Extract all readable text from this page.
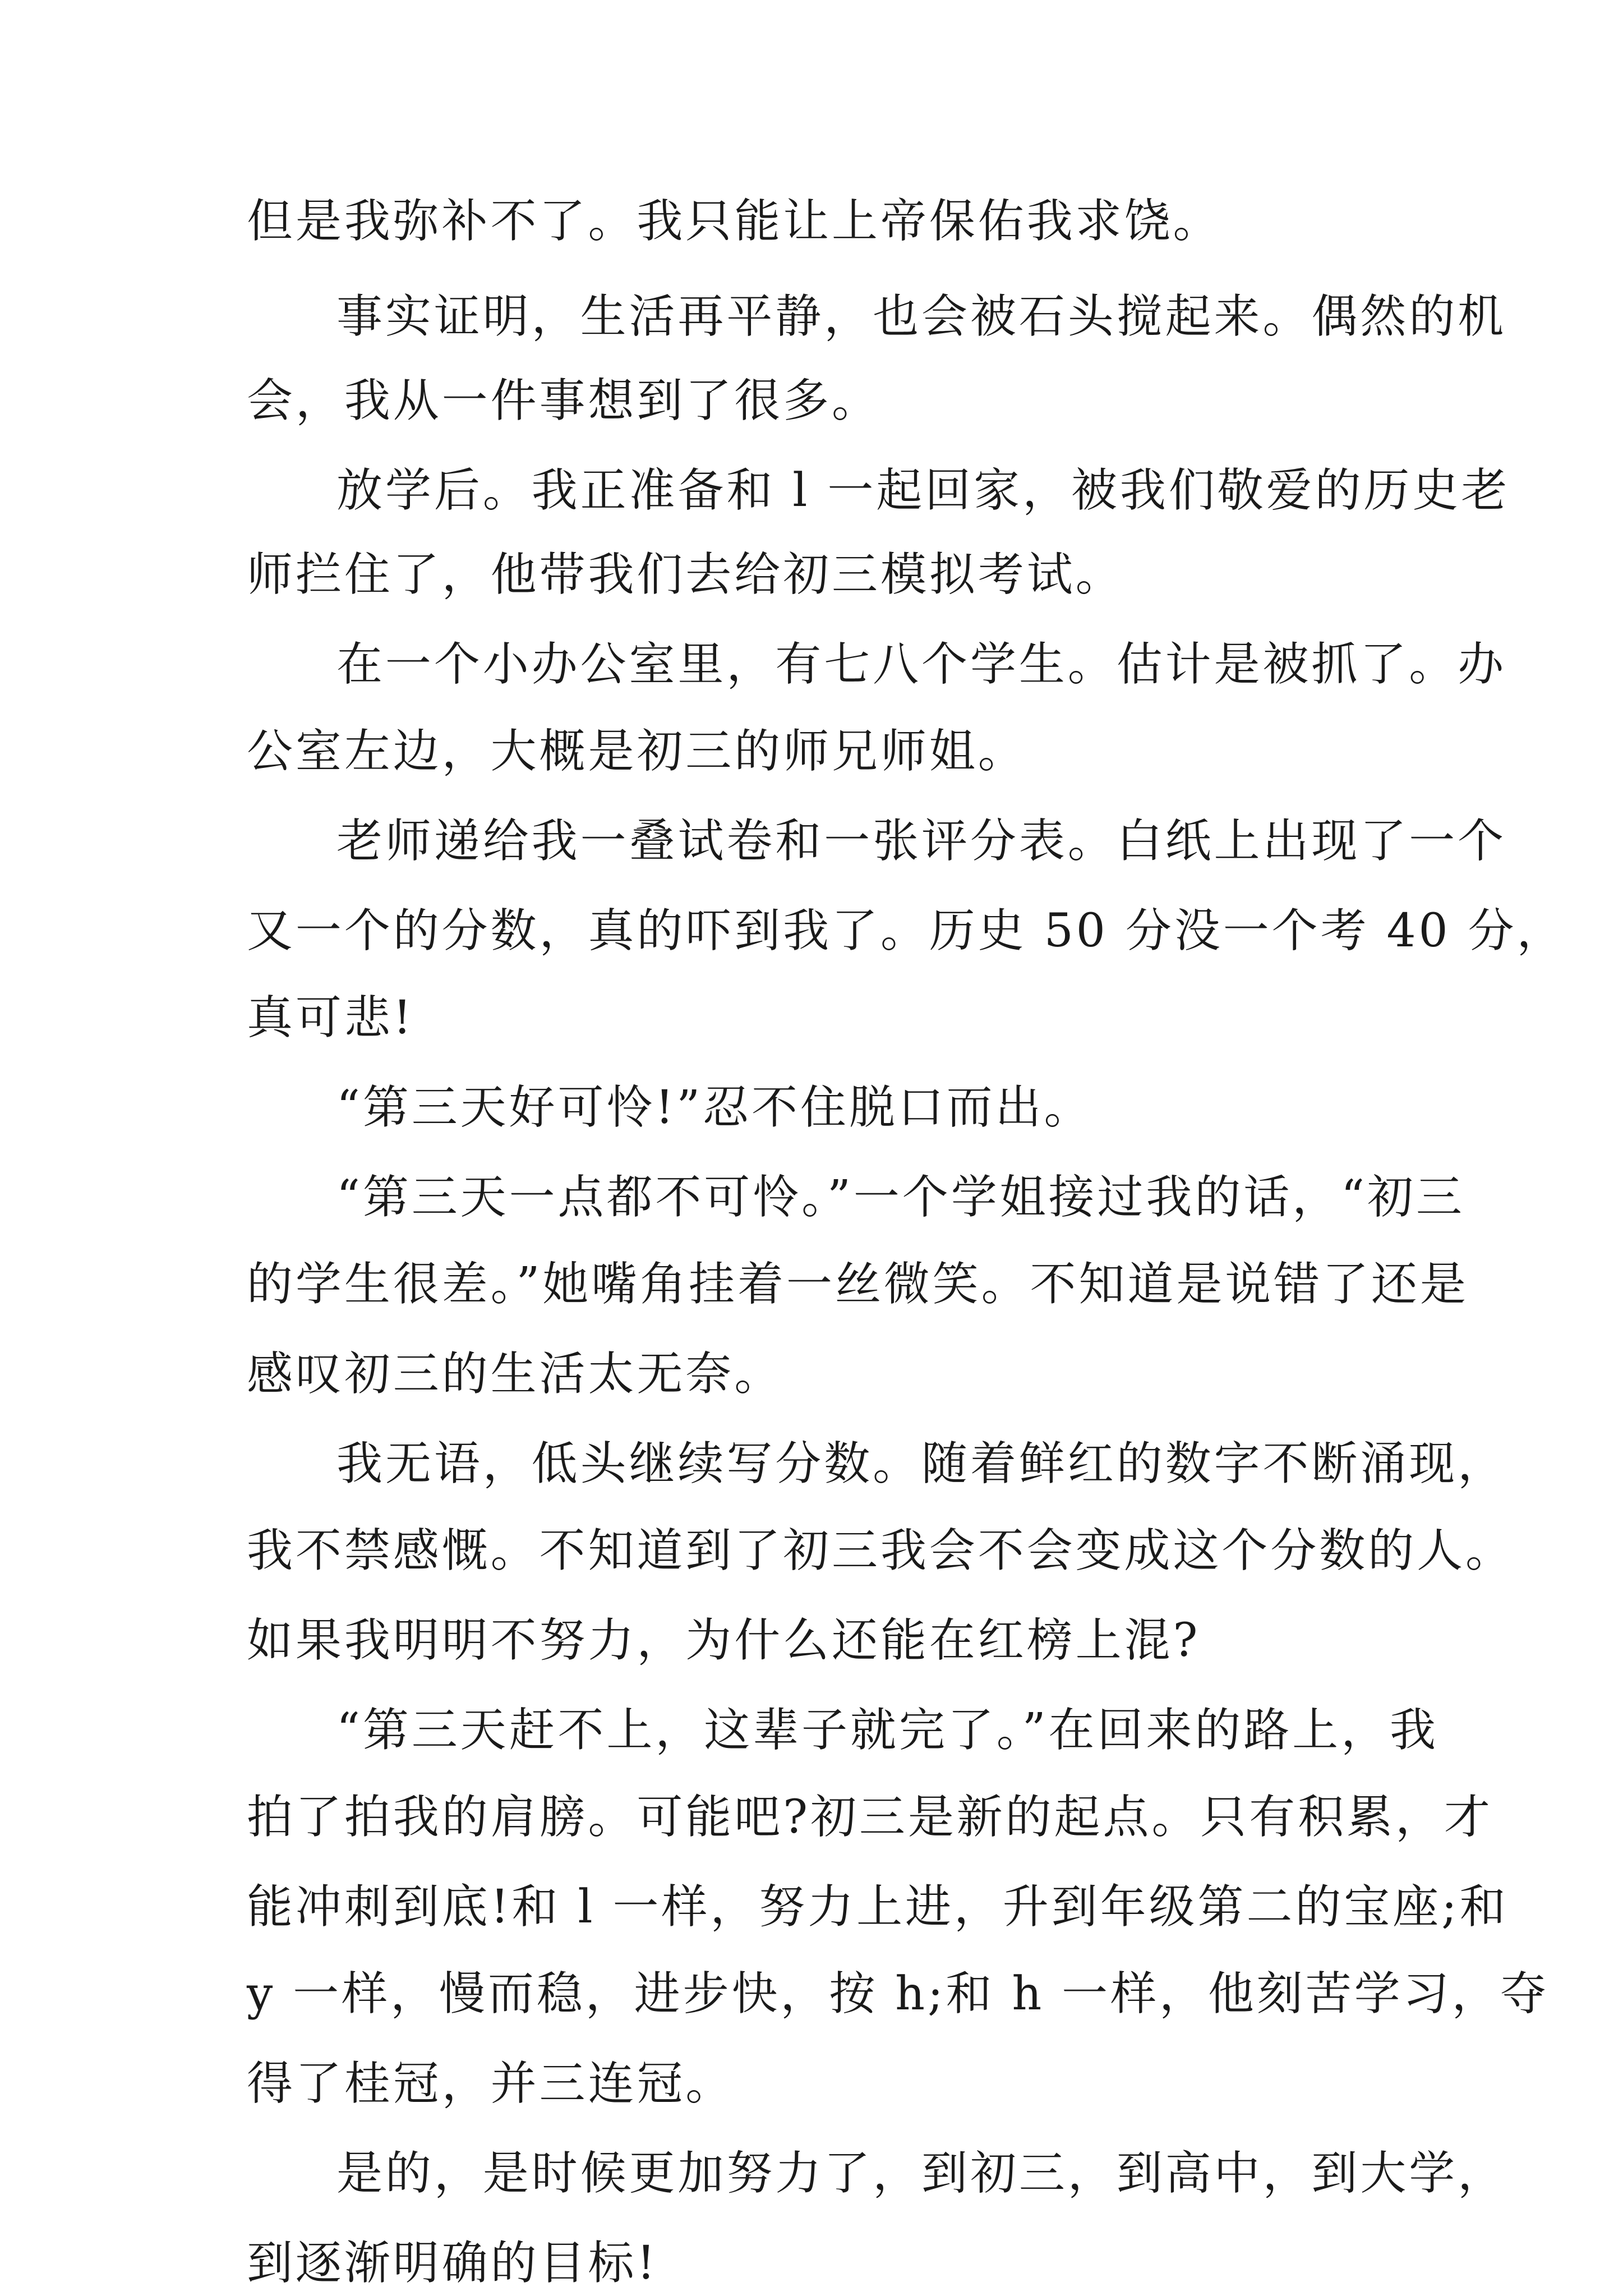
但是我弥补不了。我只能让上帝保佑我求饶。
事实证明，生活再平静，也会被石头搅起来。偶然的机
会，我从一件事想到了很多。
放学后。我正准备和 l 一起回家，被我们敬爱的历史老
师拦住了，他带我们去给初三模拟考试。
在一个小办公室里，有七八个学生。估计是被抓了。办
公室左边，大概是初三的师兄师姐。
老师递给我一叠试卷和一张评分表。白纸上出现了一个
又一个的分数，真的吓到我了。历史 50 分没一个考 40 分，
真可悲!
“第三天好可怜!”忍不住脱口而出。
“第三天一点都不可怜。”一个学姐接过我的话，“初三
的学生很差。”她嘴角挂着一丝微笑。不知道是说错了还是
感叹初三的生活太无奈。
我无语，低头继续写分数。随着鲜红的数字不断涌现，
我不禁感慨。不知道到了初三我会不会变成这个分数的人。
如果我明明不努力，为什么还能在红榜上混?
“第三天赶不上，这辈子就完了。”在回来的路上，我
拍了拍我的肩膀。可能吧?初三是新的起点。只有积累，才
能冲刺到底!和 l 一样，努力上进，升到年级第二的宝座;和
y 一样，慢而稳，进步快，按 h;和 h 一样，他刻苦学习，夺
得了桂冠，并三连冠。
是的，是时候更加努力了，到初三，到高中，到大学，
到逐渐明确的目标!
